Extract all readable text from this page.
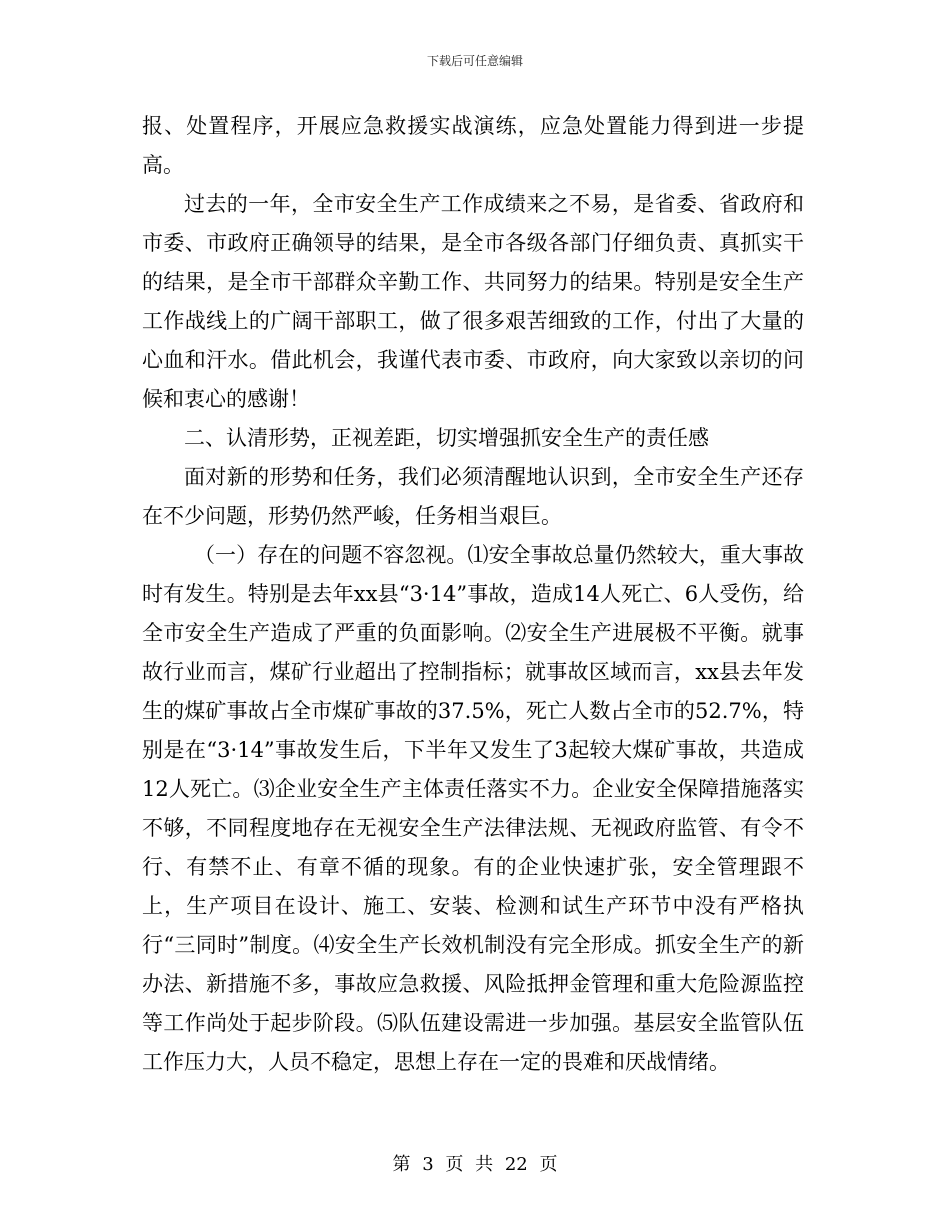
下载后可任意编辑

报、处置程序，开展应急救援实战演练，应急处置能力得到进一步提高。

过去的一年，全市安全生产工作成绩来之不易，是省委、省政府和市委、市政府正确领导的结果，是全市各级各部门仔细负责、真抓实干的结果，是全市干部群众辛勤工作、共同努力的结果。特别是安全生产工作战线上的广阔干部职工，做了很多艰苦细致的工作，付出了大量的心血和汗水。借此机会，我谨代表市委、市政府，向大家致以亲切的问候和衷心的感谢！

二、认清形势，正视差距，切实增强抓安全生产的责任感

面对新的形势和任务，我们必须清醒地认识到，全市安全生产还存在不少问题，形势仍然严峻，任务相当艰巨。

（一）存在的问题不容忽视。⑴安全事故总量仍然较大，重大事故时有发生。特别是去年xx县“3·14”事故，造成14人死亡、6人受伤，给全市安全生产造成了严重的负面影响。⑵安全生产进展极不平衡。就事故行业而言，煤矿行业超出了控制指标；就事故区域而言，xx县去年发生的煤矿事故占全市煤矿事故的37.5%，死亡人数占全市的52.7%，特别是在“3·14”事故发生后，下半年又发生了3起较大煤矿事故，共造成12人死亡。⑶企业安全生产主体责任落实不力。企业安全保障措施落实不够，不同程度地存在无视安全生产法律法规、无视政府监管、有令不行、有禁不止、有章不循的现象。有的企业快速扩张，安全管理跟不上，生产项目在设计、施工、安装、检测和试生产环节中没有严格执行“三同时”制度。⑷安全生产长效机制没有完全形成。抓安全生产的新办法、新措施不多，事故应急救援、风险抵押金管理和重大危险源监控等工作尚处于起步阶段。⑸队伍建设需进一步加强。基层安全监管队伍工作压力大，人员不稳定，思想上存在一定的畏难和厌战情绪。

第 3 页 共 22 页
